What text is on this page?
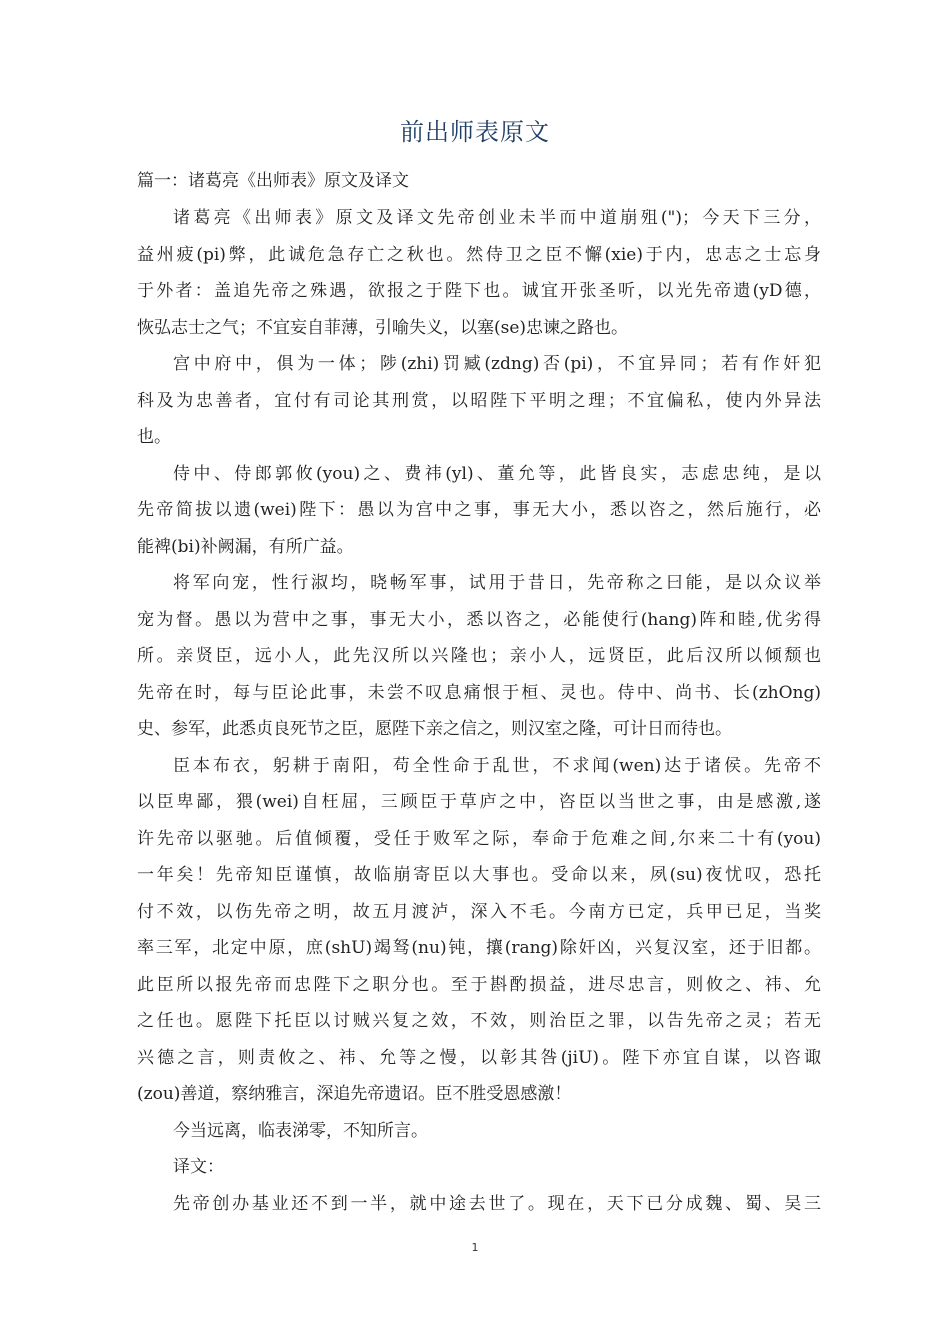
前出师表原文
篇一：诸葛亮《出师表》原文及译文
诸葛亮《出师表》原文及译文先帝创业未半而中道崩殂(")；今天下三分，
益州疲(pi)弊，此诚危急存亡之秋也。然侍卫之臣不懈(xie)于内，忠志之士忘身
于外者：盖追先帝之殊遇，欲报之于陛下也。诚宜开张圣听，以光先帝遗(yD德，
恢弘志士之气；不宜妄自菲薄，引喻失义，以塞(se)忠谏之路也。
宫中府中，俱为一体；陟(zhi)罚臧(zdng)否(pi)，不宜异同；若有作奸犯
科及为忠善者，宜付有司论其刑赏，以昭陛下平明之理；不宜偏私，使内外异法
也。
侍中、侍郎郭攸(you)之、费祎(yl)、董允等，此皆良实，志虑忠纯，是以
先帝简拔以遗(wei)陛下：愚以为宫中之事，事无大小，悉以咨之，然后施行，必
能裨(bi)补阙漏，有所广益。
将军向宠，性行淑均，晓畅军事，试用于昔日，先帝称之曰能，是以众议举
宠为督。愚以为营中之事，事无大小，悉以咨之，必能使行(hang)阵和睦,优劣得
所。亲贤臣，远小人，此先汉所以兴隆也；亲小人，远贤臣，此后汉所以倾颓也
先帝在时，每与臣论此事，未尝不叹息痛恨于桓、灵也。侍中、尚书、长(zhOng)
史、参军，此悉贞良死节之臣，愿陛下亲之信之，则汉室之隆，可计日而待也。
臣本布衣，躬耕于南阳，苟全性命于乱世，不求闻(wen)达于诸侯。先帝不
以臣卑鄙，猥(wei)自枉屈，三顾臣于草庐之中，咨臣以当世之事，由是感激,遂
许先帝以驱驰。后值倾覆，受任于败军之际，奉命于危难之间,尔来二十有(you)
一年矣！先帝知臣谨慎，故临崩寄臣以大事也。受命以来，夙(su)夜忧叹，恐托
付不效，以伤先帝之明，故五月渡泸，深入不毛。今南方已定，兵甲已足，当奖
率三军，北定中原，庶(shU)竭驽(nu)钝，攘(rang)除奸凶，兴复汉室，还于旧都。
此臣所以报先帝而忠陛下之职分也。至于斟酌损益，进尽忠言，则攸之、祎、允
之任也。愿陛下托臣以讨贼兴复之效，不效，则治臣之罪，以告先帝之灵；若无
兴德之言，则责攸之、祎、允等之慢，以彰其咎(jiU)。陛下亦宜自谋，以咨诹
(zou)善道，察纳雅言，深追先帝遗诏。臣不胜受恩感激！
今当远离，临表涕零，不知所言。
译文：
先帝创办基业还不到一半，就中途去世了。现在，天下已分成魏、蜀、吴三
1
